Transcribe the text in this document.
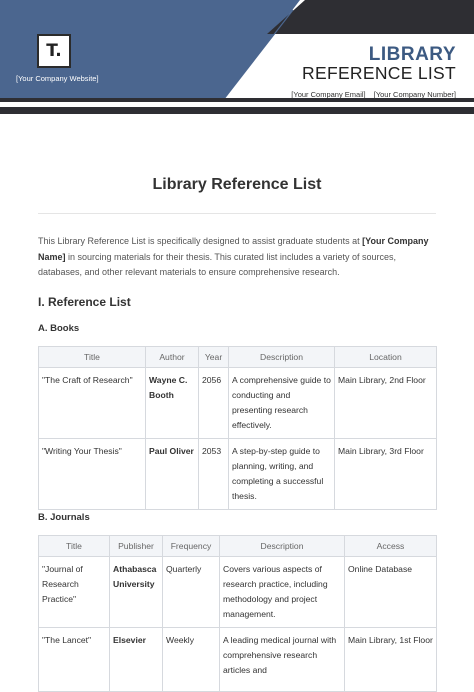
T.
[Your Company Website]
LIBRARY
REFERENCE LIST
[Your Company Email] [Your Company Number]
Library Reference List
This Library Reference List is specifically designed to assist graduate students at [Your Company Name] in sourcing materials for their thesis. This curated list includes a variety of sources, databases, and other relevant materials to ensure comprehensive research.
I. Reference List
A. Books
Title	Author	Year	Description	Location
"The Craft of Research"	Wayne C. Booth	2056	A comprehensive guide to conducting and presenting research effectively.	Main Library, 2nd Floor
"Writing Your Thesis"	Paul Oliver	2053	A step-by-step guide to planning, writing, and completing a successful thesis.	Main Library, 3rd Floor
B. Journals
Title	Publisher	Frequency	Description	Access
"Journal of Research Practice"	Athabasca University	Quarterly	Covers various aspects of research practice, including methodology and project management.	Online Database
"The Lancet"	Elsevier	Weekly	A leading medical journal with comprehensive research articles and	Main Library, 1st Floor
